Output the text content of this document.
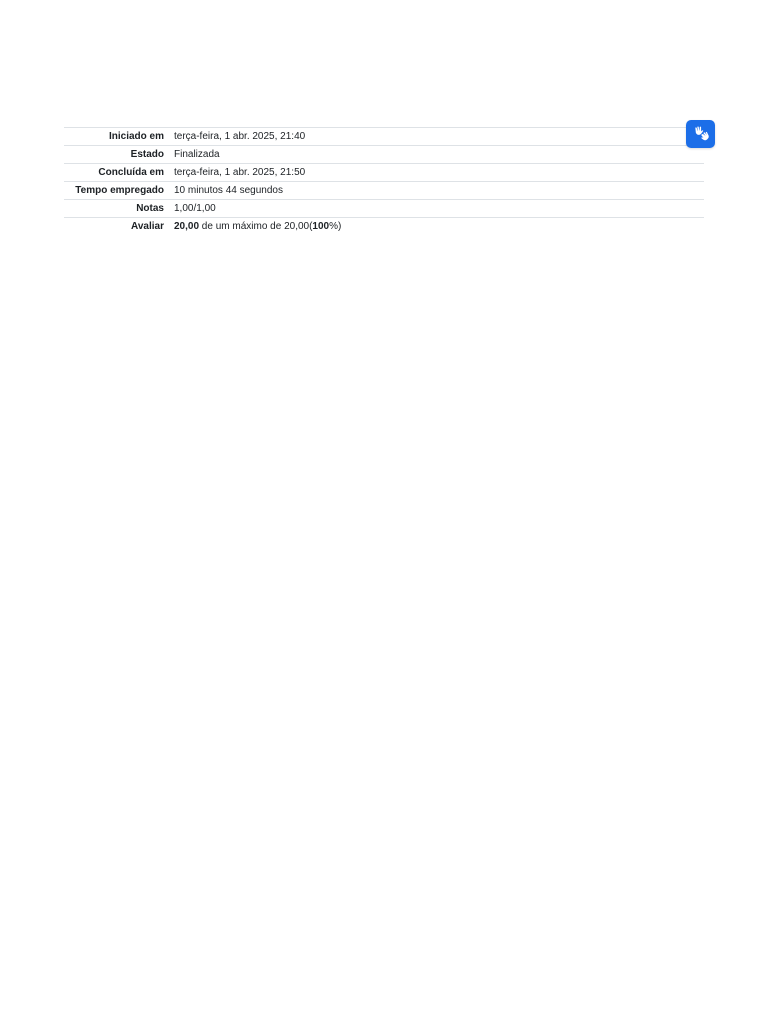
Iniciado em	terça-feira, 1 abr. 2025, 21:40
Estado	Finalizada
Concluída em	terça-feira, 1 abr. 2025, 21:50
Tempo empregado	10 minutos 44 segundos
Notas	1,00/1,00
Avaliar	20,00 de um máximo de 20,00(100%)
